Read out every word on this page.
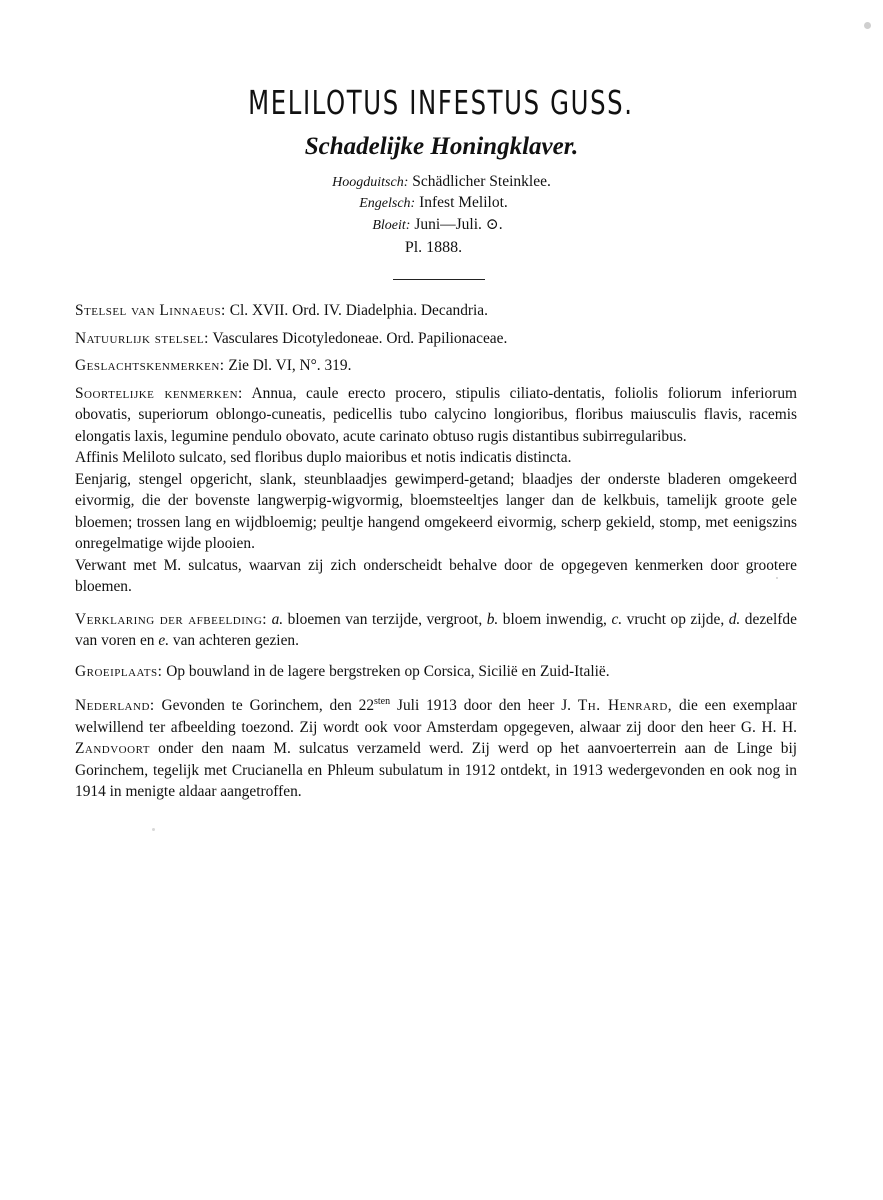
MELILOTUS INFESTUS GUSS.
Schadelijke Honingklaver.
Hoogduitsch: Schädlicher Steinklee.
Engelsch: Infest Melilot.
Bloeit: Juni—Juli. ⊙.
Pl. 1888.

Stelsel van Linnaeus: Cl. XVII. Ord. IV. Diadelphia. Decandria.

Natuurlijk stelsel: Vasculares Dicotyledoneae. Ord. Papilionaceae.

Geslachtskenmerken: Zie Dl. VI, N°. 319.

Soortelijke kenmerken: Annua, caule erecto procero, stipulis ciliato-dentatis, foliolis foliorum inferiorum obovatis, superiorum oblongo-cuneatis, pedicellis tubo calycino longioribus, floribus maiusculis flavis, racemis elongatis laxis, legumine pendulo obovato, acute carinato obtuso rugis distantibus subirregularibus.

Affinis Meliloto sulcato, sed floribus duplo maioribus et notis indicatis distincta.

Eenjarig, stengel opgericht, slank, steunblaadjes gewimperd-getand; blaadjes der onderste bladeren omgekeerd eivormig, die der bovenste langwerpig-wigvormig, bloemsteeltjes langer dan de kelkbuis, tamelijk groote gele bloemen; trossen lang en wijdbloemig; peultje hangend omgekeerd eivormig, scherp gekield, stomp, met eenigszins onregelmatige wijde plooien.

Verwant met M. sulcatus, waarvan zij zich onderscheidt behalve door de opgegeven kenmerken door grootere bloemen.

Verklaring der afbeelding: a. bloemen van terzijde, vergroot, b. bloem inwendig, c. vrucht op zijde, d. dezelfde van voren en e. van achteren gezien.

Groeiplaats: Op bouwland in de lagere bergstreken op Corsica, Sicilië en Zuid-Italië.

Nederland: Gevonden te Gorinchem, den $22^{sten}$ Juli 1913 door den heer J. Th. Henrard, die een exemplaar welwillend ter afbeelding toezond. Zij wordt ook voor Amsterdam opgegeven, alwaar zij door den heer G. H. H. Zandvoort onder den naam M. sulcatus verzameld werd. Zij werd op het aanvoerterrein aan de Linge bij Gorinchem, tegelijk met Crucianella en Phleum subulatum in 1912 ontdekt, in 1913 wedergevonden en ook nog in 1914 in menigte aldaar aangetroffen.
